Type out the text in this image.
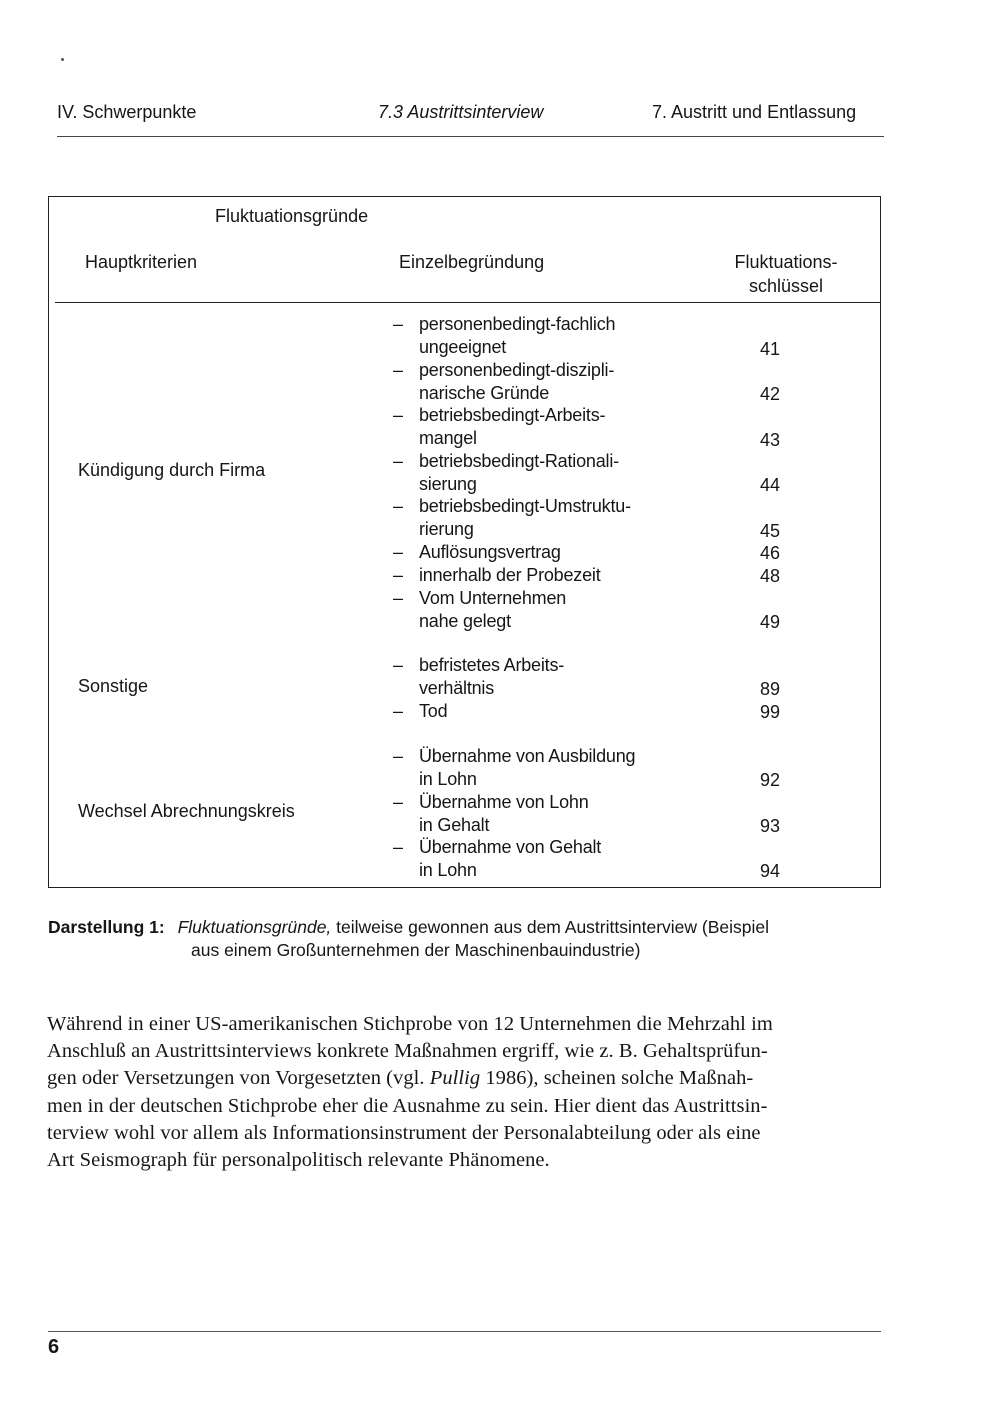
IV. Schwerpunkte	7.3 Austrittsinterview	7. Austritt und Entlassung
Fluktuationsgründe
Hauptkriterien	Einzelbegründung	Fluktuations-
schlüssel
Kündigung durch Firma
– personenbedingt-fachlich
ungeeignet	41
– personenbedingt-diszipli-
narische Gründe	42
– betriebsbedingt-Arbeits-
mangel	43
– betriebsbedingt-Rationali-
sierung	44
– betriebsbedingt-Umstruktu-
rierung	45
– Auflösungsvertrag	46
– innerhalb der Probezeit	48
– Vom Unternehmen
nahe gelegt	49
Sonstige
– befristetes Arbeits-
verhältnis	89
– Tod	99
Wechsel Abrechnungskreis
– Übernahme von Ausbildung
in Lohn	92
– Übernahme von Lohn
in Gehalt	93
– Übernahme von Gehalt
in Lohn	94
Darstellung 1: Fluktuationsgründe, teilweise gewonnen aus dem Austrittsinterview (Beispiel
aus einem Großunternehmen der Maschinenbauindustrie)
Während in einer US-amerikanischen Stichprobe von 12 Unternehmen die Mehrzahl im
Anschluß an Austrittsinterviews konkrete Maßnahmen ergriff, wie z. B. Gehaltsprüfun-
gen oder Versetzungen von Vorgesetzten (vgl. Pullig 1986), scheinen solche Maßnah-
men in der deutschen Stichprobe eher die Ausnahme zu sein. Hier dient das Austrittsin-
terview wohl vor allem als Informationsinstrument der Personalabteilung oder als eine
Art Seismograph für personalpolitisch relevante Phänomene.
6
